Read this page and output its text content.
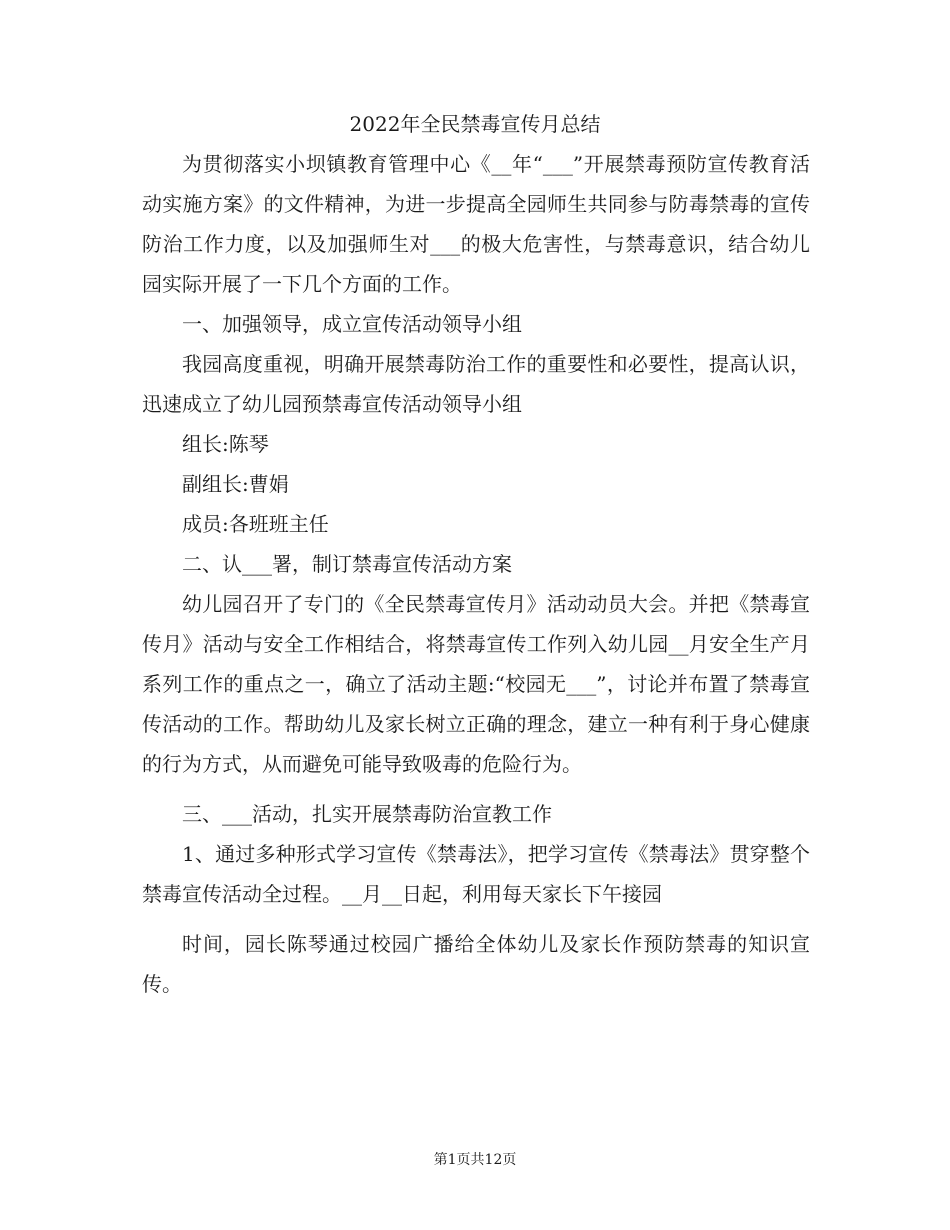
2022年全民禁毒宣传月总结

为贯彻落实小坝镇教育管理中心《__年“___”开展禁毒预防宣传教育活动实施方案》的文件精神，为进一步提高全园师生共同参与防毒禁毒的宣传防治工作力度，以及加强师生对___的极大危害性，与禁毒意识，结合幼儿园实际开展了一下几个方面的工作。

一、加强领导，成立宣传活动领导小组

我园高度重视，明确开展禁毒防治工作的重要性和必要性，提高认识，迅速成立了幼儿园预禁毒宣传活动领导小组

组长:陈琴

副组长:曹娟

成员:各班班主任

二、认___署，制订禁毒宣传活动方案

幼儿园召开了专门的《全民禁毒宣传月》活动动员大会。并把《禁毒宣传月》活动与安全工作相结合，将禁毒宣传工作列入幼儿园__月安全生产月系列工作的重点之一，确立了活动主题:“校园无___”，讨论并布置了禁毒宣传活动的工作。帮助幼儿及家长树立正确的理念，建立一种有利于身心健康的行为方式，从而避免可能导致吸毒的危险行为。

三、___活动，扎实开展禁毒防治宣教工作

1、通过多种形式学习宣传《禁毒法》，把学习宣传《禁毒法》贯穿整个禁毒宣传活动全过程。__月__日起，利用每天家长下午接园

时间，园长陈琴通过校园广播给全体幼儿及家长作预防禁毒的知识宣传。

第1页共12页
